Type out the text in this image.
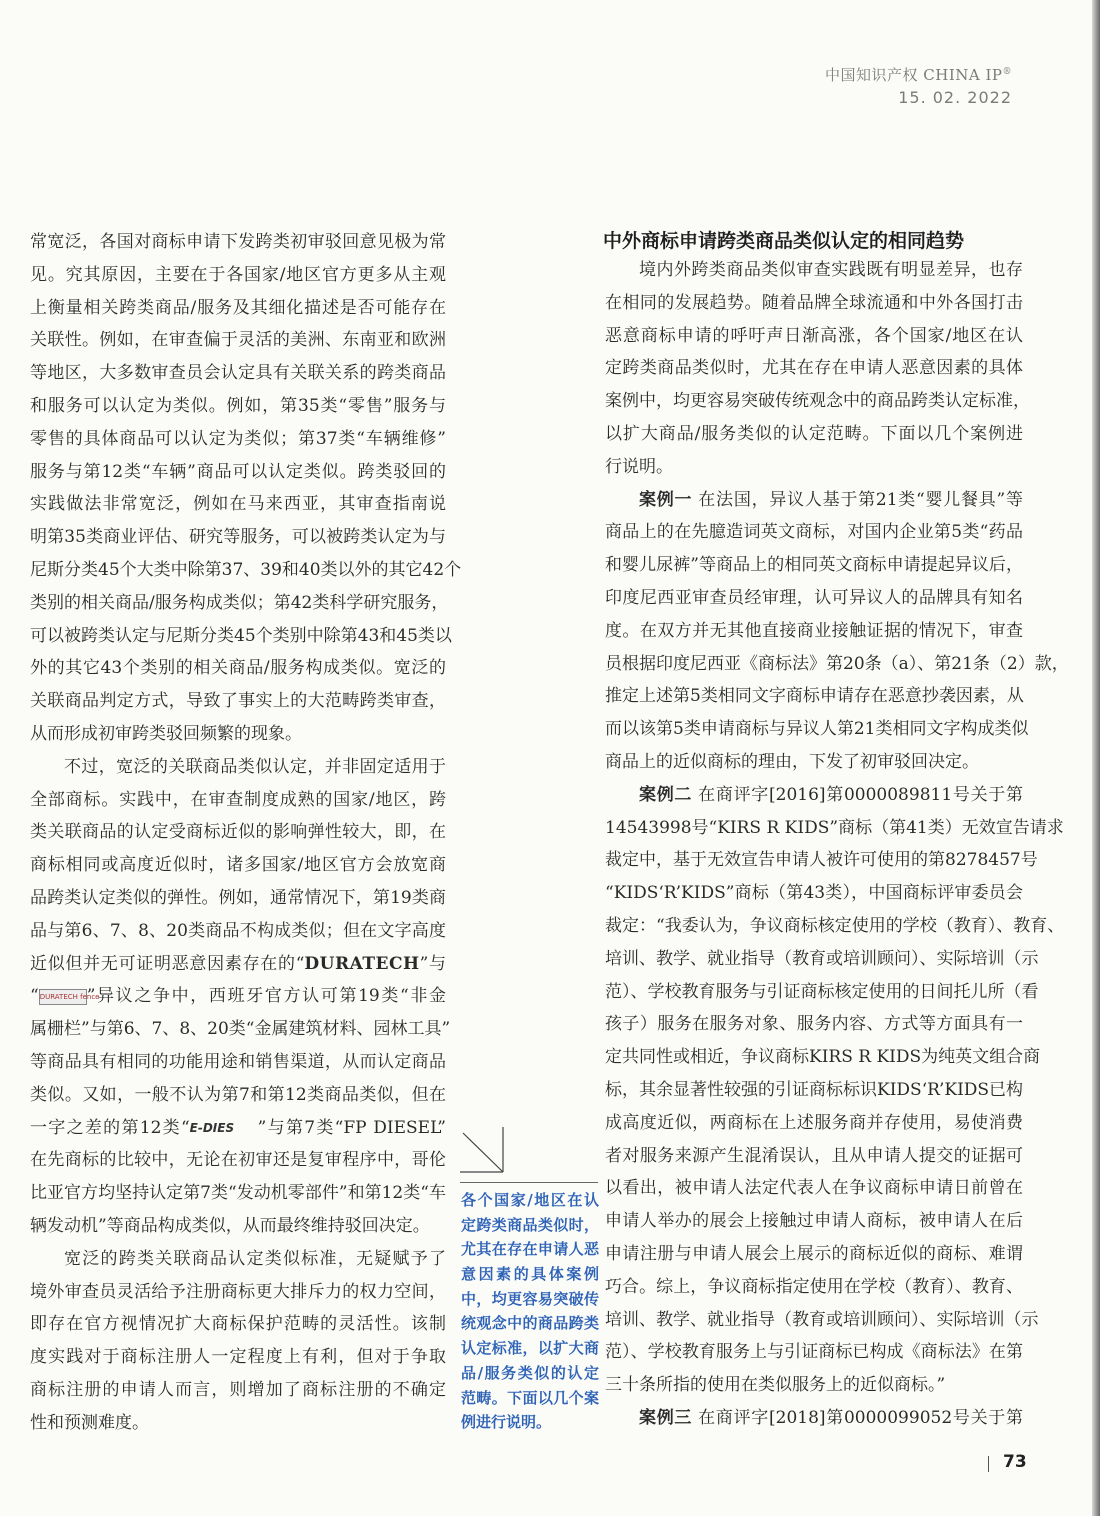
中国知识产权 CHINA IP®
15. 02. 2022
常宽泛，各国对商标申请下发跨类初审驳回意见极为常
见。究其原因，主要在于各国家/地区官方更多从主观
上衡量相关跨类商品/服务及其细化描述是否可能存在
关联性。例如，在审查偏于灵活的美洲、东南亚和欧洲
等地区，大多数审查员会认定具有关联关系的跨类商品
和服务可以认定为类似。例如，第35类“零售”服务与
零售的具体商品可以认定为类似；第37类“车辆维修”
服务与第12类“车辆”商品可以认定类似。跨类驳回的
实践做法非常宽泛，例如在马来西亚，其审查指南说
明第35类商业评估、研究等服务，可以被跨类认定为与
尼斯分类45个大类中除第37、39和40类以外的其它42个
类别的相关商品/服务构成类似；第42类科学研究服务，
可以被跨类认定与尼斯分类45个类别中除第43和45类以
外的其它43个类别的相关商品/服务构成类似。宽泛的
关联商品判定方式，导致了事实上的大范畴跨类审查，
从而形成初审跨类驳回频繁的现象。
不过，宽泛的关联商品类似认定，并非固定适用于
全部商标。实践中，在审查制度成熟的国家/地区，跨
类关联商品的认定受商标近似的影响弹性较大，即，在
商标相同或高度近似时，诸多国家/地区官方会放宽商
品跨类认定类似的弹性。例如，通常情况下，第19类商
品与第6、7、8、20类商品不构成类似；但在文字高度
近似但并无可证明恶意因素存在的“DURATECH”与
“DURATECH fence”异议之争中，西班牙官方认可第19类“非金
属栅栏”与第6、7、8、20类“金属建筑材料、园林工具”
等商品具有相同的功能用途和销售渠道，从而认定商品
类似。又如，一般不认为第7和第12类商品类似，但在
一字之差的第12类“E-DIES ”与第7类“FP DIESEL”
在先商标的比较中，无论在初审还是复审程序中，哥伦
比亚官方均坚持认定第7类“发动机零部件”和第12类“车
辆发动机”等商品构成类似，从而最终维持驳回决定。
宽泛的跨类关联商品认定类似标准，无疑赋予了
境外审查员灵活给予注册商标更大排斥力的权力空间，
即存在官方视情况扩大商标保护范畴的灵活性。该制
度实践对于商标注册人一定程度上有利，但对于争取
商标注册的申请人而言，则增加了商标注册的不确定
性和预测难度。
中外商标申请跨类商品类似认定的相同趋势
境内外跨类商品类似审查实践既有明显差异，也存
在相同的发展趋势。随着品牌全球流通和中外各国打击
恶意商标申请的呼吁声日渐高涨，各个国家/地区在认
定跨类商品类似时，尤其在存在申请人恶意因素的具体
案例中，均更容易突破传统观念中的商品跨类认定标准，
以扩大商品/服务类似的认定范畴。下面以几个案例进
行说明。
案例一 在法国，异议人基于第21类“婴儿餐具”等
商品上的在先臆造词英文商标，对国内企业第5类“药品
和婴儿尿裤”等商品上的相同英文商标申请提起异议后，
印度尼西亚审查员经审理，认可异议人的品牌具有知名
度。在双方并无其他直接商业接触证据的情况下，审查
员根据印度尼西亚《商标法》第20条（a）、第21条（2）款，
推定上述第5类相同文字商标申请存在恶意抄袭因素，从
而以该第5类申请商标与异议人第21类相同文字构成类似
商品上的近似商标的理由，下发了初审驳回决定。
案例二 在商评字[2016]第0000089811号关于第
14543998号“KIRS R KIDS”商标（第41类）无效宣告请求
裁定中，基于无效宣告申请人被许可使用的第8278457号
“KIDS‘R’KIDS”商标（第43类），中国商标评审委员会
裁定：“我委认为，争议商标核定使用的学校（教育）、教育、
培训、教学、就业指导（教育或培训顾问）、实际培训（示
范）、学校教育服务与引证商标核定使用的日间托儿所（看
孩子）服务在服务对象、服务内容、方式等方面具有一
定共同性或相近，争议商标KIRS R KIDS为纯英文组合商
标，其余显著性较强的引证商标标识KIDS‘R’KIDS已构
成高度近似，两商标在上述服务商并存使用，易使消费
者对服务来源产生混淆误认，且从申请人提交的证据可
以看出，被申请人法定代表人在争议商标申请日前曾在
申请人举办的展会上接触过申请人商标，被申请人在后
申请注册与申请人展会上展示的商标近似的商标、难谓
巧合。综上，争议商标指定使用在学校（教育）、教育、
培训、教学、就业指导（教育或培训顾问）、实际培训（示
范）、学校教育服务上与引证商标已构成《商标法》在第
三十条所指的使用在类似服务上的近似商标。”
案例三 在商评字[2018]第0000099052号关于第
各个国家/地区在认
定跨类商品类似时，
尤其在存在申请人恶
意因素的具体案例
中，均更容易突破传
统观念中的商品跨类
认定标准，以扩大商
品/服务类似的认定
范畴。下面以几个案
例进行说明。
73
